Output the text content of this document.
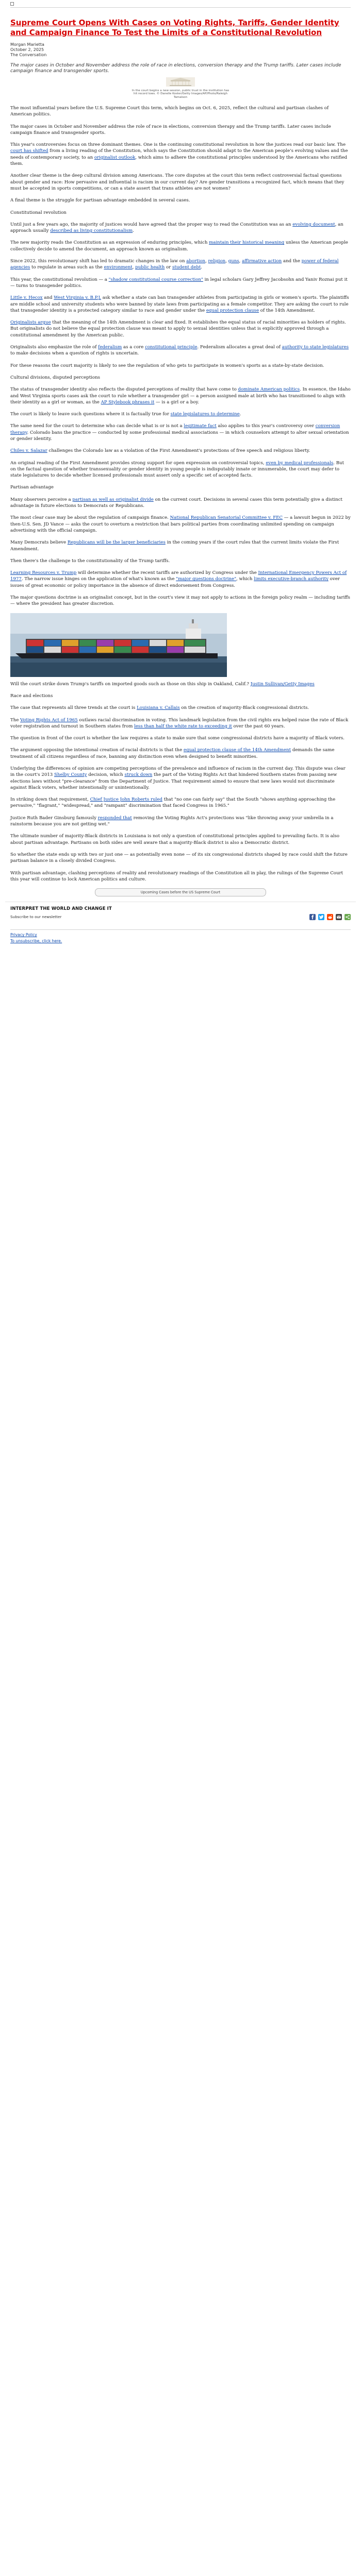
Supreme Court Opens With Cases on Voting Rights, Tariffs, Gender Identity and Campaign Finance To Test the Limits of a Constitutional Revolution
Morgan Marietta
October 2, 2025
The Conversation
The major cases in October and November address the role of race in elections, conversion therapy and the Trump tariffs. Later cases include campaign finance and transgender sports.
In the court begins a new session, public trust in the institution has hit record lows. © Danelle Koster/Getty Images/AP/Photo/Raleigh Tamalson

The most influential years before the U.S. Supreme Court this term, which begins on Oct. 6, 2025, reflect the cultural and partisan clashes of American politics.

The major cases in October and November address the role of race in elections, conversion therapy and the Trump tariffs. Later cases include campaign finance and transgender sports.

This year's controversies focus on three dominant themes. One is the continuing constitutional revolution in how the justices read our basic law. The court has shifted from a living reading of the Constitution, which says the Constitution should adapt to the American people's evolving values and the needs of contemporary society, to an originalist outlook, which aims to adhere the constitutional principles understood by the Americans who ratified them.

Another clear theme is the deep cultural division among Americans. The core disputes at the court this term reflect controversial factual questions about gender and race: How pervasive and influential is racism in our current day? Are gender transitions a recognized fact, which means that they must be accepted in sports competitions, or can a state assert that trans athletes are not women?

A final theme is the struggle for partisan advantage embedded in several cases.

Constitutional revolution

Until just a few years ago, the majority of justices would have agreed that the proper way to read the Constitution was as an evolving document, an approach usually described as living constitutionalism.

The new majority reads the Constitution as an expression of enduring principles, which maintain their historical meaning unless the American people collectively decide to amend the document, an approach known as originalism.

Since 2022, this revolutionary shift has led to dramatic changes in the law on abortion, religion, guns, affirmative action and the power of federal agencies to regulate in areas such as the environment, public health or student debt.

This year, the constitutional revolution — a "shadow constitutional course correction" in legal scholars Gary Jeffrey Jacobsohn and Yaniv Roznai put it — turns to transgender politics.

Little v. Hecox and West Virginia v. B.P.J. ask whether a state can ban transgender athletes from participating in girls or women's sports. The plaintiffs are middle school and university students who were banned by state laws from participating as a female competitor. They are asking the court to rule that transgender identity is a protected category similar to race and gender under the equal protection clause of the 14th Amendment.

Originalists argue that the meaning of the 14th Amendment is clear and fixed. It establishes the equal status of racial minorities as holders of rights. But originalists do not believe the equal protection clause was meant to apply to sexual identities unless that is explicitly approved through a constitutional amendment by the American public.

Originalists also emphasize the role of federalism as a core constitutional principle. Federalism allocates a great deal of authority to state legislatures to make decisions when a question of rights is uncertain.

For these reasons the court majority is likely to see the regulation of who gets to participate in women's sports as a state-by-state decision.

Cultural divisions, disputed perceptions

The status of transgender identity also reflects the disputed perceptions of reality that have come to dominate American politics. In essence, the Idaho and West Virginia sports cases ask the court to rule whether a transgender girl — a person assigned male at birth who has transitioned to align with their identity as a girl or woman, as the AP Stylebook phrases it — is a girl or a boy.

The court is likely to leave such questions where it is factually true for state legislatures to determine.

The same need for the court to determine who can decide what is or is not a legitimate fact also applies to this year's controversy over conversion therapy. Colorado bans the practice — conducted by some professional medical associations — in which counselors attempt to alter sexual orientation or gender identity.

Chiles v. Salazar challenges the Colorado law as a violation of the First Amendment's protections of free speech and religious liberty.

An original reading of the First Amendment provides strong support for open expression on controversial topics, even by medical professionals. But on the factual question of whether transsexuality or gender identity in young people is indisputably innate or innumerable, the court may defer to state legislatures to decide whether licensed professionals must assert only a specific set of accepted facts.

Partisan advantage

Many observers perceive a partisan as well as originalist divide on the current court. Decisions in several cases this term potentially give a distinct advantage in future elections to Democrats or Republicans.

The most clear case may be about the regulation of campaign finance. National Republican Senatorial Committee v. FEC — a lawsuit begun in 2022 by then-U.S. Sen. JD Vance — asks the court to overturn a restriction that bars political parties from coordinating unlimited spending on campaign advertising with the official campaign.

Many Democrats believe Republicans will be the larger beneficiaries in the coming years if the court rules that the current limits violate the First Amendment.

Then there's the challenge to the constitutionality of the Trump tariffs.

Learning Resources v. Trump will determine whether the recent tariffs are authorized by Congress under the International Emergency Powers Act of 1977. The narrow issue hinges on the application of what's known as the "major questions doctrine", which limits executive-branch authority over issues of great economic or policy importance in the absence of direct endorsement from Congress.

The major questions doctrine is an originalist concept, but in the court's view it may not apply to actions in the foreign policy realm — including tariffs — where the president has greater discretion.

Will the court strike down Trump's tariffs on imported goods such as those on this ship in Oakland, Calif.? Justin Sullivan/Getty Images

Race and elections

The case that represents all three trends at the court is Louisiana v. Callais on the creation of majority-Black congressional districts.

The Voting Rights Act of 1965 outlaws racial discrimination in voting. This landmark legislation from the civil rights era helped raise the rate of Black voter registration and turnout in Southern states from less than half the white rate to exceeding it over the past 60 years.

The question in front of the court is whether the law requires a state to make sure that some congressional districts have a majority of Black voters.

The argument opposing the intentional creation of racial districts is that the equal protection clause of the 14th Amendment demands the same treatment of all citizens regardless of race, banning any distinction even when designed to benefit minorities.

Underlying the differences of opinion are competing perceptions of the prevalence and influence of racism in the current day. This dispute was clear in the court's 2013 Shelby County decision, which struck down the part of the Voting Rights Act that hindered Southern states from passing new elections laws without "pre-clearance" from the Department of Justice. That requirement aimed to ensure that new laws would not discriminate against Black voters, whether intentionally or unintentionally.

In striking down that requirement, Chief Justice John Roberts ruled that "no one can fairly say" that the South "shows anything approaching the pervasive," "flagrant," "widespread," and "rampant" discrimination that faced Congress in 1965."

Justice Ruth Bader Ginsburg famously responded that removing the Voting Rights Act's protections was "like throwing away your umbrella in a rainstorm because you are not getting wet."

The ultimate number of majority-Black districts in Louisiana is not only a question of constitutional principles applied to prevailing facts. It is also about partisan advantage. Partisans on both sides are well aware that a majority-Black district is also a Democratic district.

So whether the state ends up with two or just one — as potentially even none — of its six congressional districts shaped by race could shift the future partisan balance in a closely divided Congress.

With partisan advantage, clashing perceptions of reality and revolutionary readings of the Constitution all in play, the rulings of the Supreme Court this year will continue to lock American politics and culture.

Upcoming Cases before the US Supreme Court
INTERPRET THE WORLD AND CHANGE IT
Subscribe to our newsletter
Privacy Policy
To unsubscribe, click here.
